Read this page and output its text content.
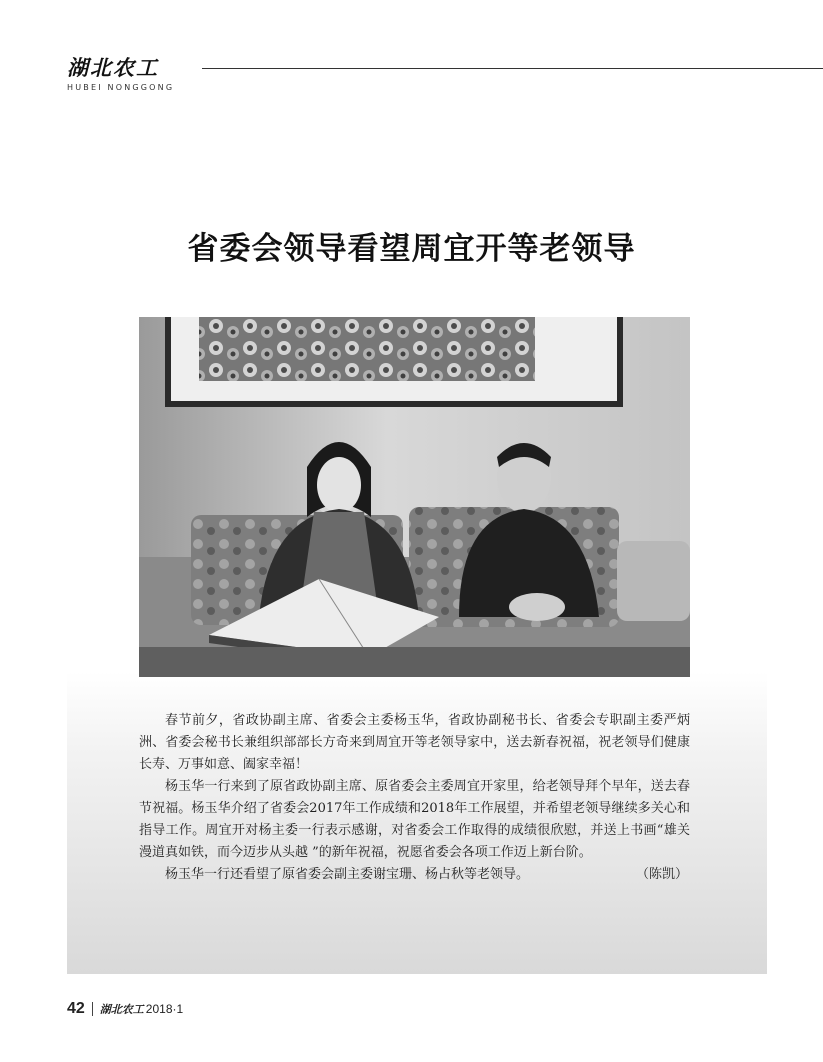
湖北农工
HUBEI NONGGONG
省委会领导看望周宜开等老领导

春节前夕，省政协副主席、省委会主委杨玉华，省政协副秘书长、省委会专职副主委严炳洲、省委会秘书长兼组织部部长方奇来到周宜开等老领导家中，送去新春祝福，祝老领导们健康长寿、万事如意、阖家幸福！

杨玉华一行来到了原省政协副主席、原省委会主委周宜开家里，给老领导拜个早年，送去春节祝福。杨玉华介绍了省委会2017年工作成绩和2018年工作展望，并希望老领导继续多关心和指导工作。周宜开对杨主委一行表示感谢，对省委会工作取得的成绩很欣慰，并送上书画“雄关漫道真如铁，而今迈步从头越 ”的新年祝福，祝愿省委会各项工作迈上新台阶。

杨玉华一行还看望了原省委会副主委谢宝珊、杨占秋等老领导。	（陈凯）

42 湖北农工 2018·1
